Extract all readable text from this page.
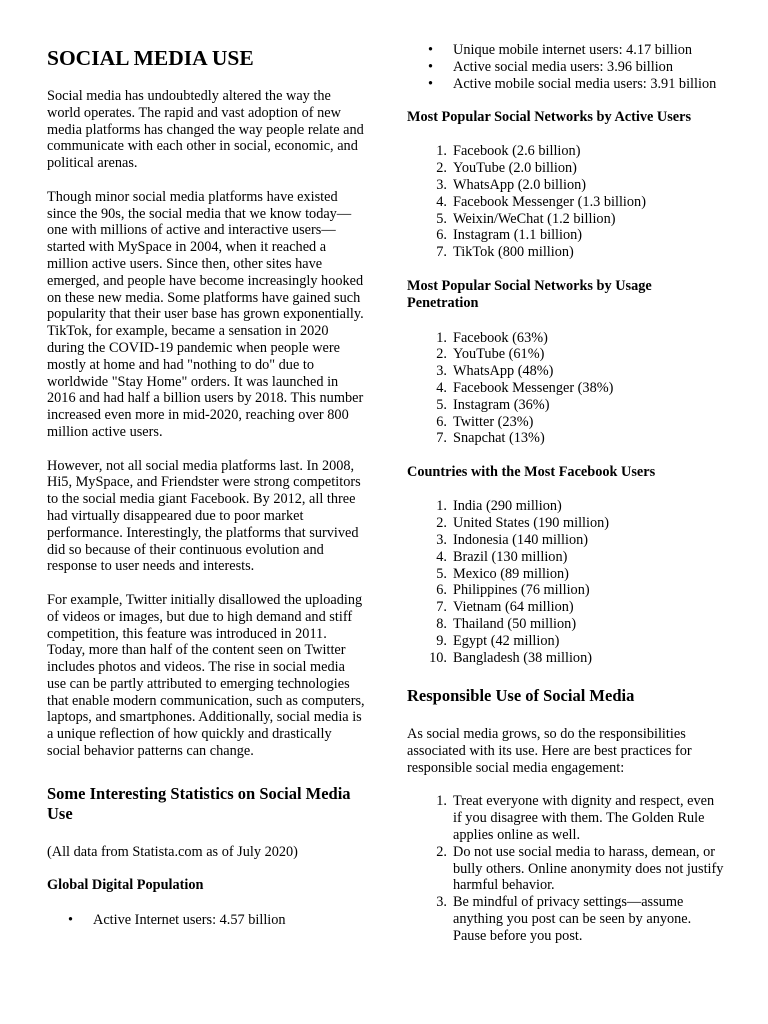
SOCIAL MEDIA USE

Social media has undoubtedly altered the way the world operates. The rapid and vast adoption of new media platforms has changed the way people relate and communicate with each other in social, economic, and political arenas.

Though minor social media platforms have existed since the 90s, the social media that we know today—one with millions of active and interactive users—started with MySpace in 2004, when it reached a million active users. Since then, other sites have emerged, and people have become increasingly hooked on these new media. Some platforms have gained such popularity that their user base has grown exponentially. TikTok, for example, became a sensation in 2020 during the COVID-19 pandemic when people were mostly at home and had "nothing to do" due to worldwide "Stay Home" orders. It was launched in 2016 and had half a billion users by 2018. This number increased even more in mid-2020, reaching over 800 million active users.

However, not all social media platforms last. In 2008, Hi5, MySpace, and Friendster were strong competitors to the social media giant Facebook. By 2012, all three had virtually disappeared due to poor market performance. Interestingly, the platforms that survived did so because of their continuous evolution and response to user needs and interests.

For example, Twitter initially disallowed the uploading of videos or images, but due to high demand and stiff competition, this feature was introduced in 2011. Today, more than half of the content seen on Twitter includes photos and videos. The rise in social media use can be partly attributed to emerging technologies that enable modern communication, such as computers, laptops, and smartphones. Additionally, social media is a unique reflection of how quickly and drastically social behavior patterns can change.

Some Interesting Statistics on Social Media Use

(All data from Statista.com as of July 2020)

Global Digital Population
• Active Internet users: 4.57 billion
• Unique mobile internet users: 4.17 billion
• Active social media users: 3.96 billion
• Active mobile social media users: 3.91 billion
Most Popular Social Networks by Active Users
1. Facebook (2.6 billion)
2. YouTube (2.0 billion)
3. WhatsApp (2.0 billion)
4. Facebook Messenger (1.3 billion)
5. Weixin/WeChat (1.2 billion)
6. Instagram (1.1 billion)
7. TikTok (800 million)
Most Popular Social Networks by Usage Penetration
1. Facebook (63%)
2. YouTube (61%)
3. WhatsApp (48%)
4. Facebook Messenger (38%)
5. Instagram (36%)
6. Twitter (23%)
7. Snapchat (13%)
Countries with the Most Facebook Users
1. India (290 million)
2. United States (190 million)
3. Indonesia (140 million)
4. Brazil (130 million)
5. Mexico (89 million)
6. Philippines (76 million)
7. Vietnam (64 million)
8. Thailand (50 million)
9. Egypt (42 million)
10. Bangladesh (38 million)
Responsible Use of Social Media

As social media grows, so do the responsibilities associated with its use. Here are best practices for responsible social media engagement:

1. Treat everyone with dignity and respect, even if you disagree with them. The Golden Rule applies online as well.
2. Do not use social media to harass, demean, or bully others. Online anonymity does not justify harmful behavior.
3. Be mindful of privacy settings—assume anything you post can be seen by anyone. Pause before you post.
